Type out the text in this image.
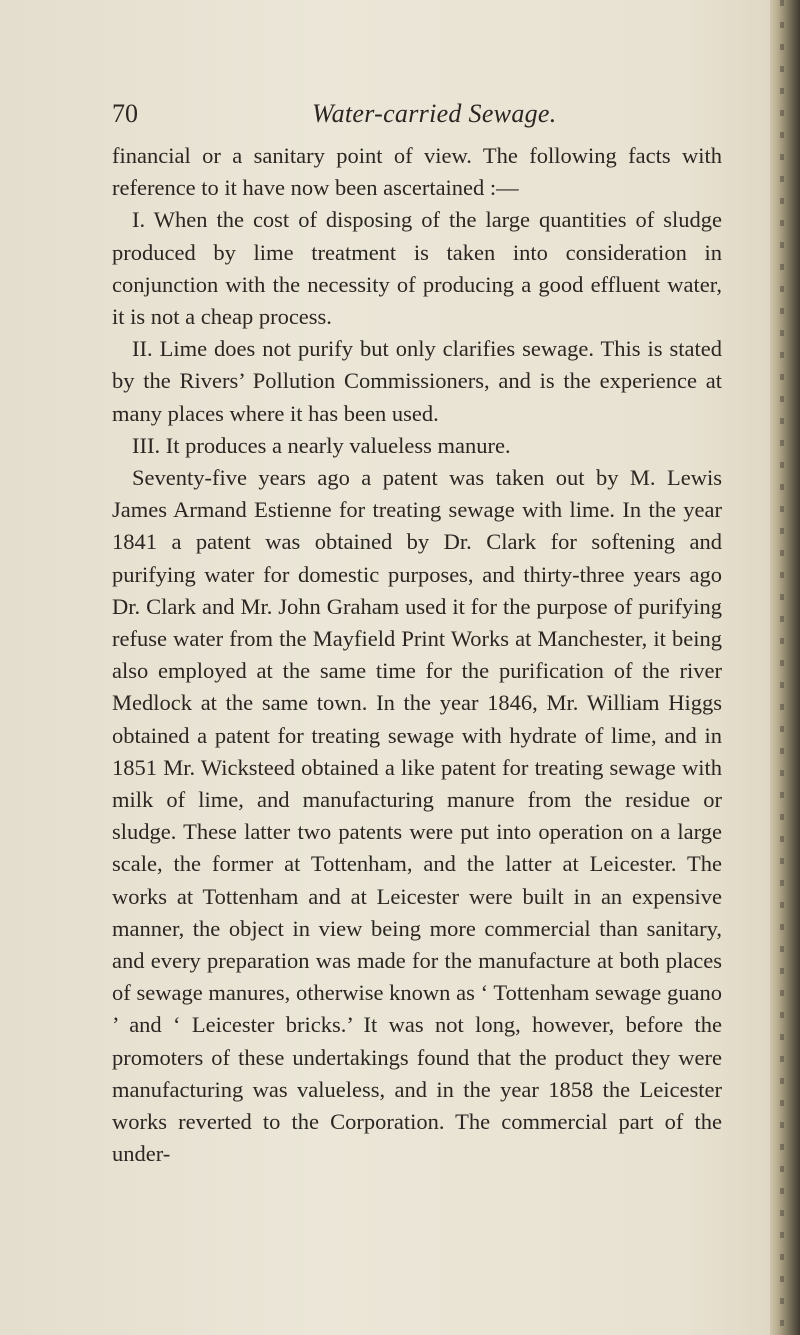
70	Water-carried Sewage.

financial or a sanitary point of view. The following facts with reference to it have now been ascertained :—

I. When the cost of disposing of the large quantities of sludge produced by lime treatment is taken into consideration in conjunction with the necessity of producing a good effluent water, it is not a cheap process.

II. Lime does not purify but only clarifies sewage. This is stated by the Rivers’ Pollution Commissioners, and is the experience at many places where it has been used.

III. It produces a nearly valueless manure.

Seventy-five years ago a patent was taken out by M. Lewis James Armand Estienne for treating sewage with lime. In the year 1841 a patent was obtained by Dr. Clark for softening and purifying water for domestic purposes, and thirty-three years ago Dr. Clark and Mr. John Graham used it for the purpose of purifying refuse water from the Mayfield Print Works at Manchester, it being also employed at the same time for the purification of the river Medlock at the same town. In the year 1846, Mr. William Higgs obtained a patent for treating sewage with hydrate of lime, and in 1851 Mr. Wicksteed obtained a like patent for treating sewage with milk of lime, and manufacturing manure from the residue or sludge. These latter two patents were put into operation on a large scale, the former at Tottenham, and the latter at Leicester. The works at Tottenham and at Leicester were built in an expensive manner, the object in view being more commercial than sanitary, and every preparation was made for the manufacture at both places of sewage manures, otherwise known as ‘ Tottenham sewage guano ’ and ‘ Leicester bricks.’ It was not long, however, before the promoters of these undertakings found that the product they were manufacturing was valueless, and in the year 1858 the Leicester works reverted to the Corporation. The commercial part of the under-
